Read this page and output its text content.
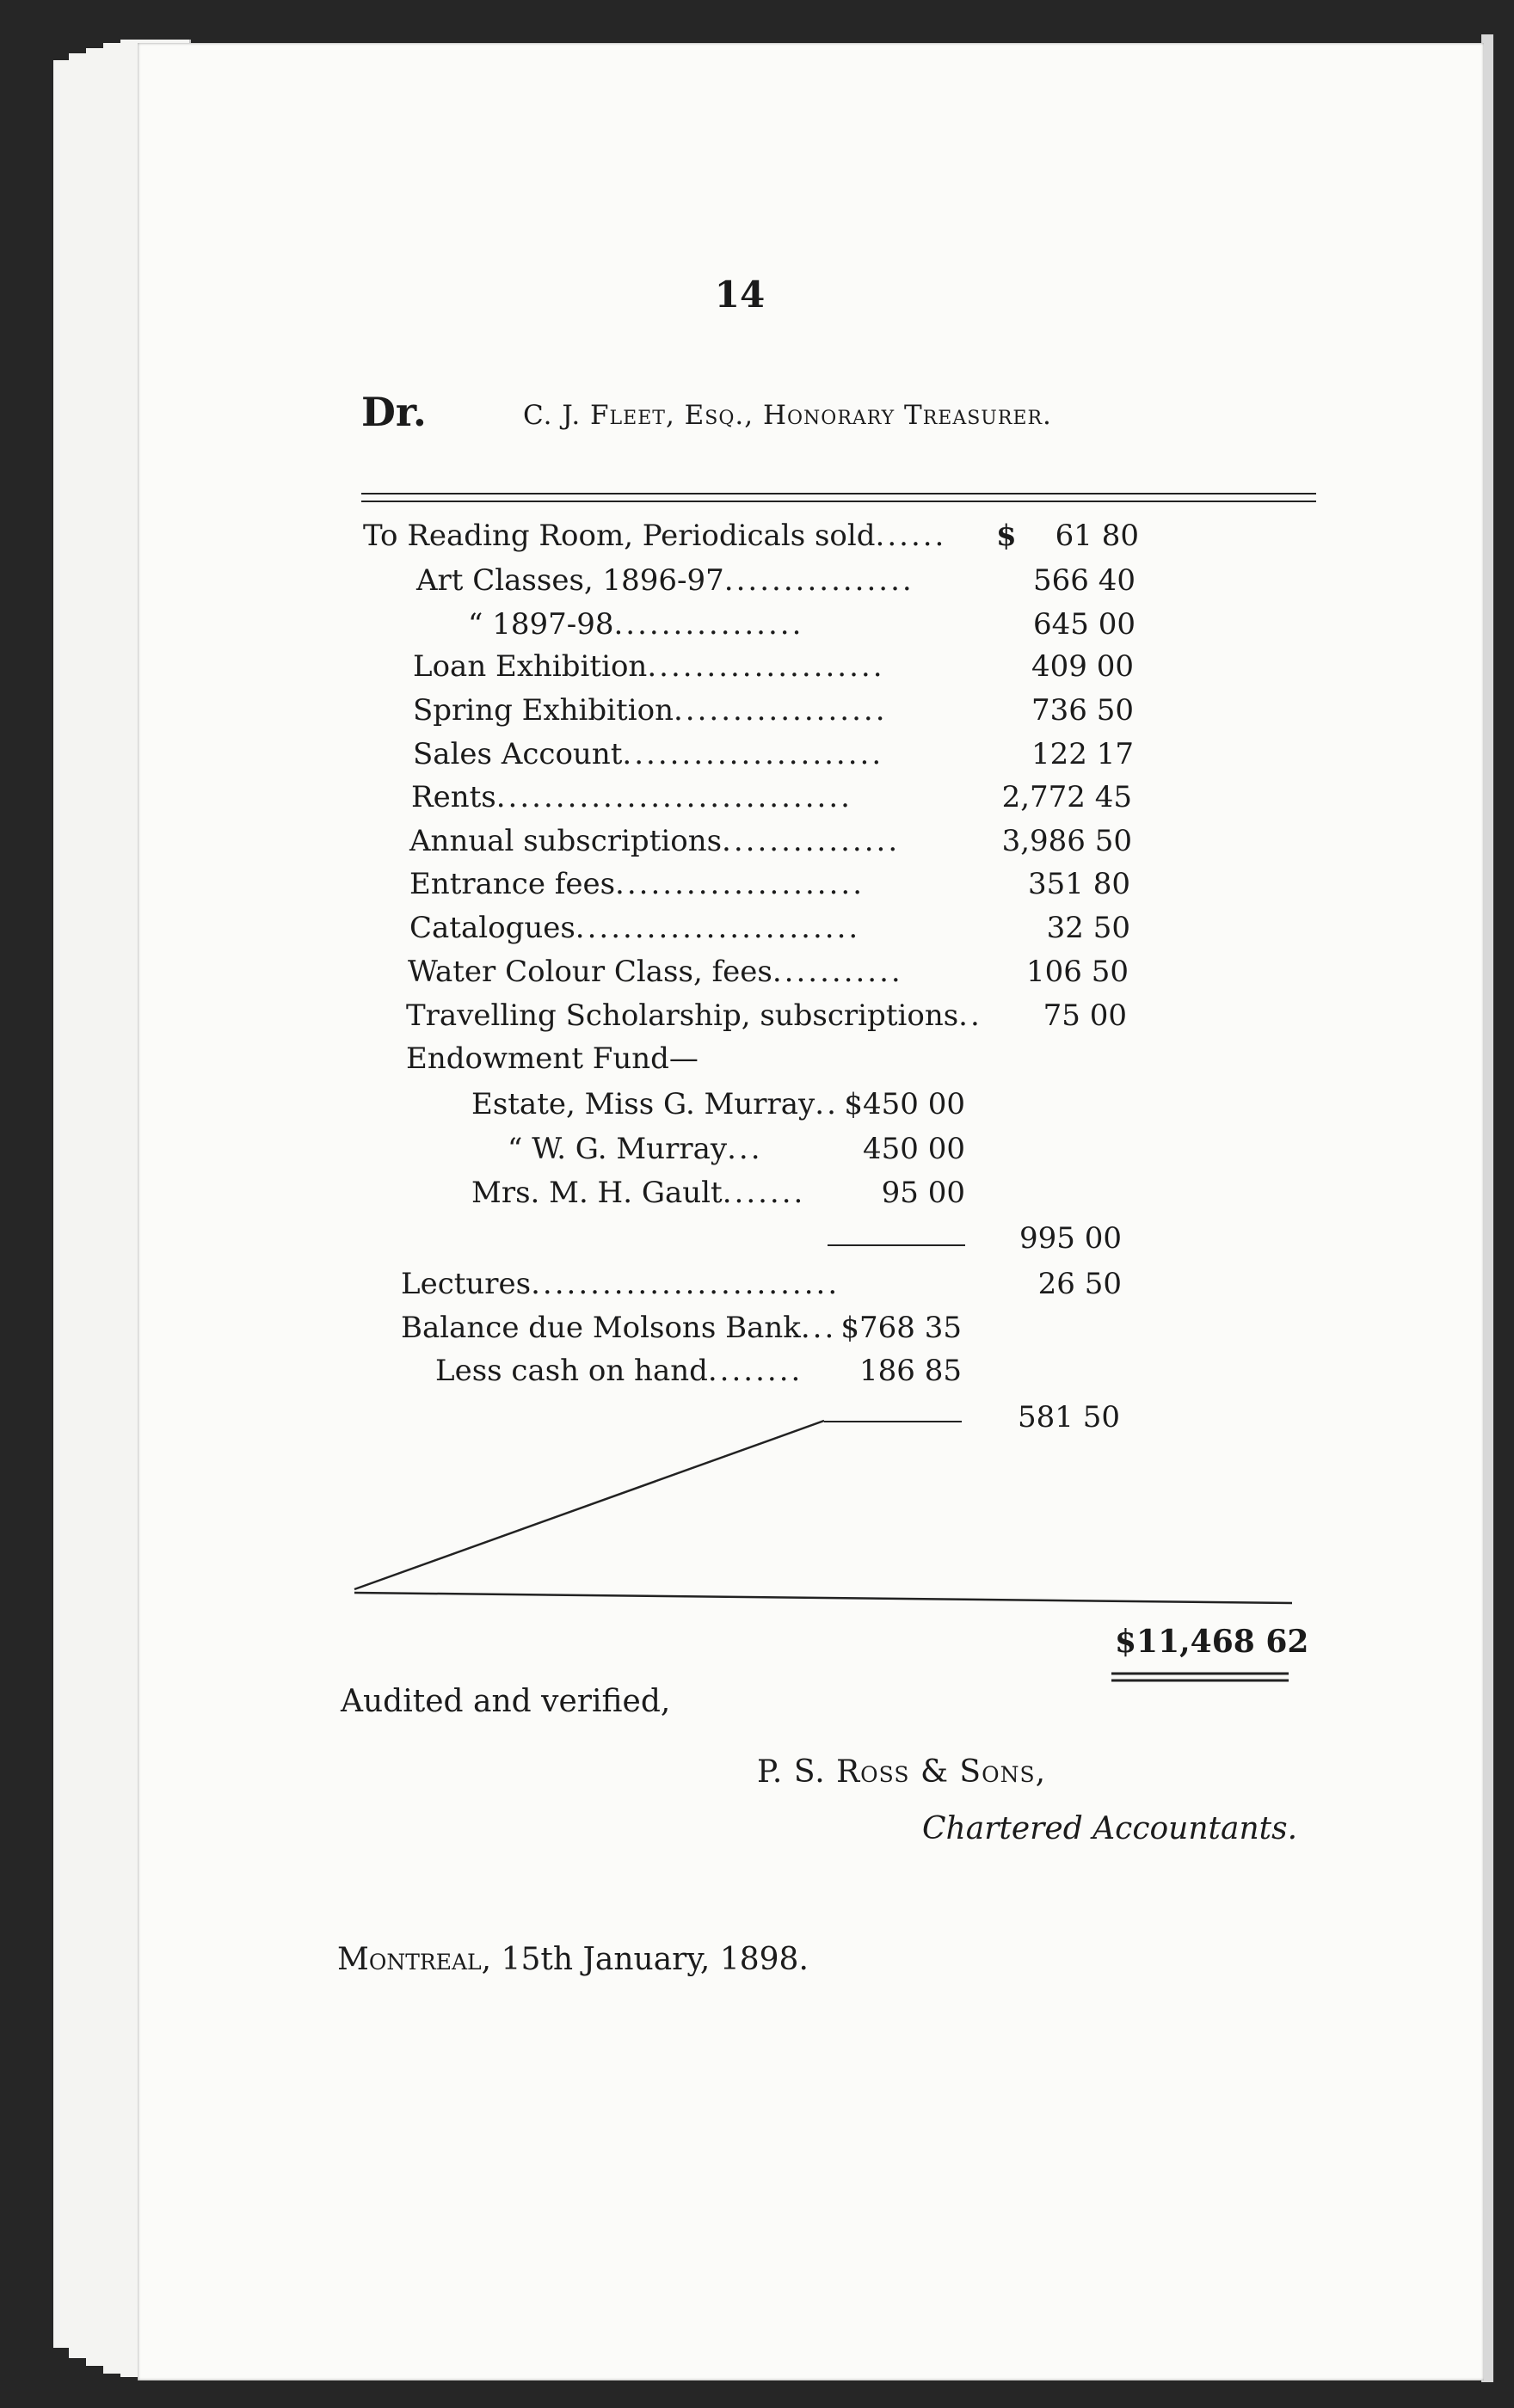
14
Dr.	C. J. Fleet, Esq., Honorary Treasurer.
To Reading Room, Periodicals sold...... $	61 80
Art Classes, 1896-97................	566 40
“ 1897-98................	645 00
Loan Exhibition....................	409 00
Spring Exhibition..................	736 50
Sales Account......................	122 17
Rents..............................	2,772 45
Annual subscriptions...............	3,986 50
Entrance fees.....................	351 80
Catalogues........................	32 50
Water Colour Class, fees...........	106 50
Travelling Scholarship, subscriptions..	75 00
Endowment Fund—
Estate, Miss G. Murray.. $450 00
“ W. G. Murray...	450 00
Mrs. M. H. Gault.......	95 00
995 00
Lectures..........................	26 50
Balance due Molsons Bank... $768 35
Less cash on hand........	186 85
581 50
$11,468 62
Audited and verified,
P. S. Ross & Sons,
Chartered Accountants.
Montreal, 15th January, 1898.
